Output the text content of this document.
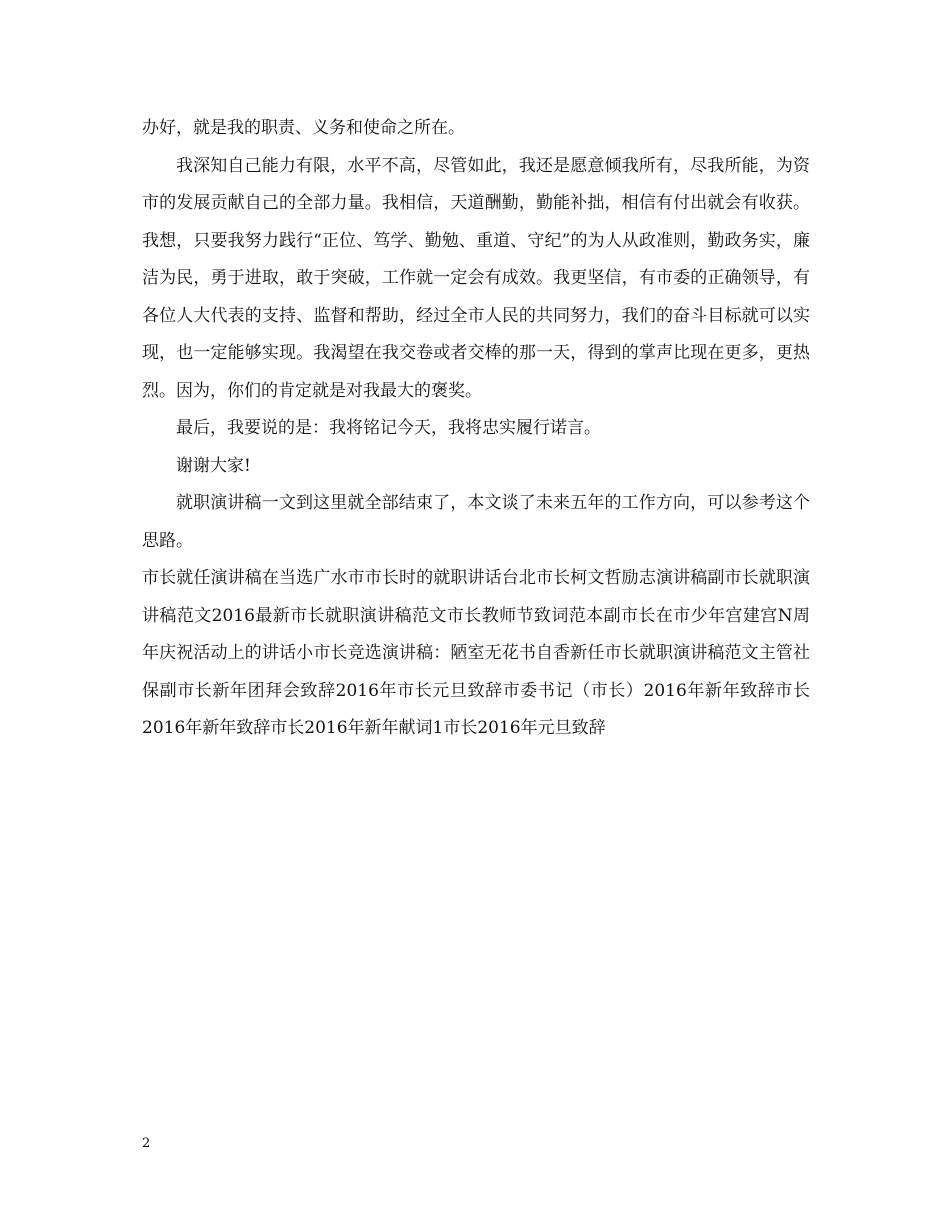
办好，就是我的职责、义务和使命之所在。

我深知自己能力有限，水平不高，尽管如此，我还是愿意倾我所有，尽我所能，为资市的发展贡献自己的全部力量。我相信，天道酬勤，勤能补拙，相信有付出就会有收获。我想，只要我努力践行“正位、笃学、勤勉、重道、守纪”的为人从政准则，勤政务实，廉洁为民，勇于进取，敢于突破，工作就一定会有成效。我更坚信，有市委的正确领导，有各位人大代表的支持、监督和帮助，经过全市人民的共同努力，我们的奋斗目标就可以实现，也一定能够实现。我渴望在我交卷或者交棒的那一天，得到的掌声比现在更多，更热烈。因为，你们的肯定就是对我最大的褒奖。

最后，我要说的是：我将铭记今天，我将忠实履行诺言。

谢谢大家!

就职演讲稿一文到这里就全部结束了，本文谈了未来五年的工作方向，可以参考这个思路。

市长就任演讲稿在当选广水市市长时的就职讲话台北市长柯文哲励志演讲稿副市长就职演讲稿范文2016最新市长就职演讲稿范文市长教师节致词范本副市长在市少年宫建宫N周年庆祝活动上的讲话小市长竞选演讲稿：陋室无花书自香新任市长就职演讲稿范文主管社保副市长新年团拜会致辞2016年市长元旦致辞市委书记（市长）2016年新年致辞市长2016年新年致辞市长2016年新年献词1市长2016年元旦致辞

2
